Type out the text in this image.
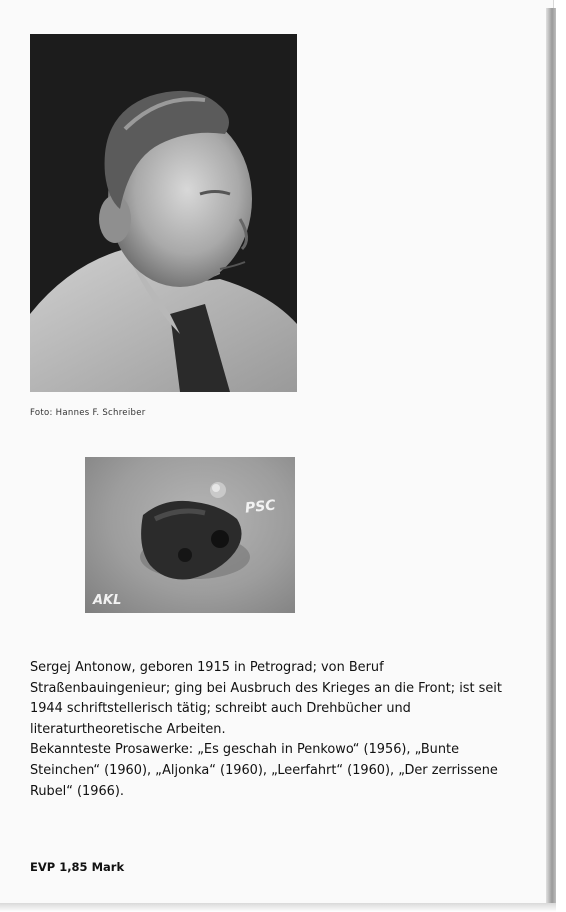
Foto: Hannes F. Schreiber
PSC
AKL

Sergej Antonow, geboren 1915 in Petrograd; von Beruf Straßenbauingenieur; ging bei Ausbruch des Krieges an die Front; ist seit 1944 schriftstellerisch tätig; schreibt auch Drehbücher und literaturtheoretische Arbeiten.

Bekannteste Prosawerke: „Es geschah in Penkowo“ (1956), „Bunte Steinchen“ (1960), „Aljonka“ (1960), „Leerfahrt“ (1960), „Der zerrissene Rubel“ (1966).

EVP 1,85 Mark
